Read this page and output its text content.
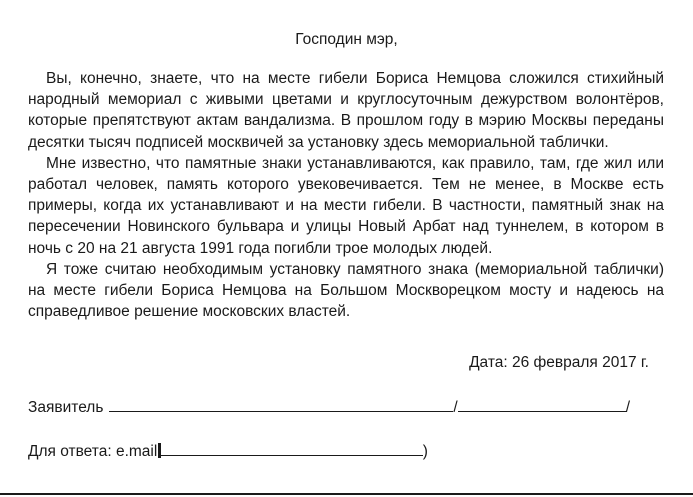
Господин мэр,

Вы, конечно, знаете, что на месте гибели Бориса Немцова сложился стихийный народный мемориал с живыми цветами и круглосуточным дежурством волонтёров, которые препятствуют актам вандализма. В прошлом году в мэрию Москвы переданы десятки тысяч подписей москвичей за установку здесь мемориальной таблички.

Мне известно, что памятные знаки устанавливаются, как правило, там, где жил или работал человек, память которого увековечивается. Тем не менее, в Москве есть примеры, когда их устанавливают и на мести гибели. В частности, памятный знак на пересечении Новинского бульвара и улицы Новый Арбат над туннелем, в котором в ночь с 20 на 21 августа 1991 года погибли трое молодых людей.

Я тоже считаю необходимым установку памятного знака (мемориальной таблички) на месте гибели Бориса Немцова на Большом Москворецком мосту и надеюсь на справедливое решение московских властей.

Дата: 26 февраля 2017 г.
Заявитель	/	/
Для ответа: e.mail	)
